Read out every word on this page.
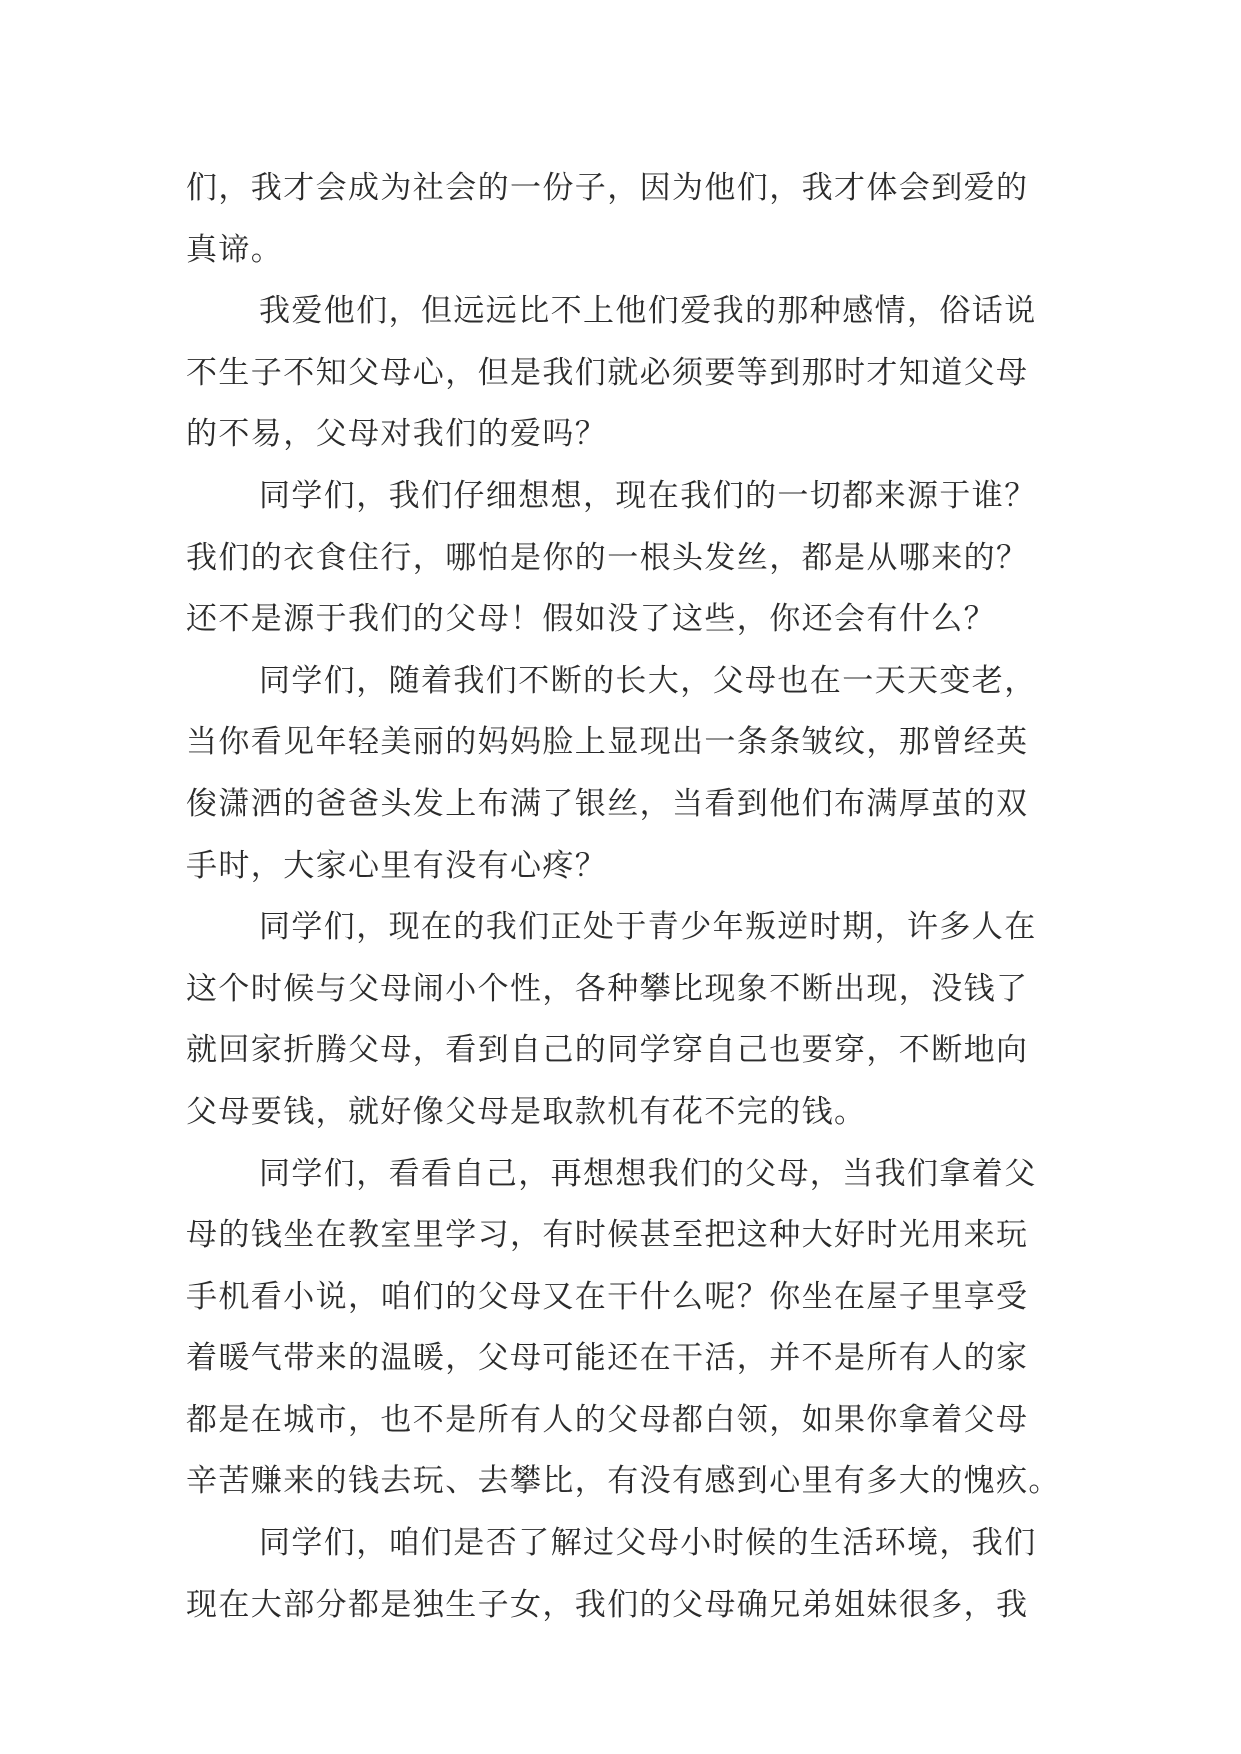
们，我才会成为社会的一份子，因为他们，我才体会到爱的
真谛。
我爱他们，但远远比不上他们爱我的那种感情，俗话说
不生子不知父母心，但是我们就必须要等到那时才知道父母
的不易，父母对我们的爱吗？
同学们，我们仔细想想，现在我们的一切都来源于谁？
我们的衣食住行，哪怕是你的一根头发丝，都是从哪来的？
还不是源于我们的父母！假如没了这些，你还会有什么？
同学们，随着我们不断的长大，父母也在一天天变老，
当你看见年轻美丽的妈妈脸上显现出一条条皱纹，那曾经英
俊潇洒的爸爸头发上布满了银丝，当看到他们布满厚茧的双
手时，大家心里有没有心疼？
同学们，现在的我们正处于青少年叛逆时期，许多人在
这个时候与父母闹小个性，各种攀比现象不断出现，没钱了
就回家折腾父母，看到自己的同学穿自己也要穿，不断地向
父母要钱，就好像父母是取款机有花不完的钱。
同学们，看看自己，再想想我们的父母，当我们拿着父
母的钱坐在教室里学习，有时候甚至把这种大好时光用来玩
手机看小说，咱们的父母又在干什么呢？你坐在屋子里享受
着暖气带来的温暖，父母可能还在干活，并不是所有人的家
都是在城市，也不是所有人的父母都白领，如果你拿着父母
辛苦赚来的钱去玩、去攀比，有没有感到心里有多大的愧疚。
同学们，咱们是否了解过父母小时候的生活环境，我们
现在大部分都是独生子女，我们的父母确兄弟姐妹很多，我
